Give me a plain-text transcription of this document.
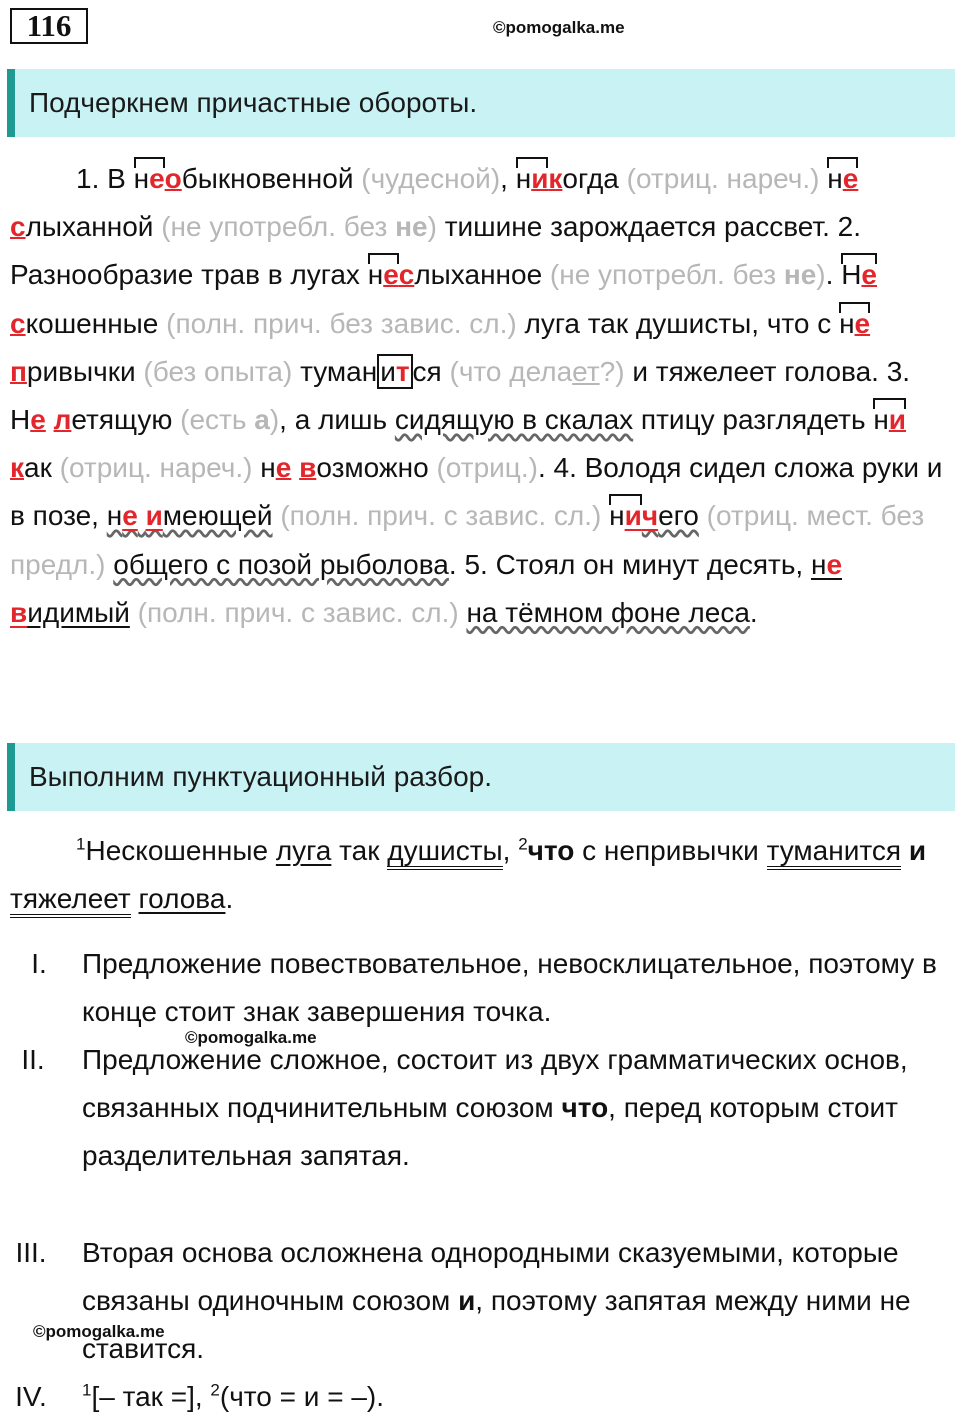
116	©pomogalka.me
Подчеркнем причастные обороты.
1. В необыкновенной (чудесной), никогда (отриц. нареч.) неслыханной (не употребл. без не) тишине зарождается рассвет. 2. Разнообразие трав в лугах неслыханное (не употребл. без не). Нескошенные (полн. прич. без завис. сл.) луга так душисты, что с непривычки (без опыта) туман ит ся (что делает?) и тяжелеет голова. 3. Не летящую (есть а), а лишь сидящую в скалах птицу разглядеть никак (отриц. нареч.) не возможно (отриц.). 4. Володя сидел сложа руки и в позе, не имеющей (полн. прич. с завис. сл.) ничего (отриц. мест. без предл.) общего с позой рыболова. 5. Стоял он минут десять, не видимый (полн. прич. с завис. сл.) на тёмном фоне леса.
Выполним пунктуационный разбор.
$^1$Нескошенные луга так душисты, $^2$что с непривычки туманится и тяжелеет голова.
I.	Предложение повествовательное, невосклицательное, поэтому в конце стоит знак завершения точка.
©pomogalka.me
II.	Предложение сложное, состоит из двух грамматических основ, связанных подчинительным союзом что, перед которым стоит разделительная запятая.
III.	Вторая основа осложнена однородными сказуемыми, которые связаны одиночным союзом и, поэтому запятая между ними не ставится.
©pomogalka.me
IV.	$^1$[– так =], $^2$(что = и = –).
